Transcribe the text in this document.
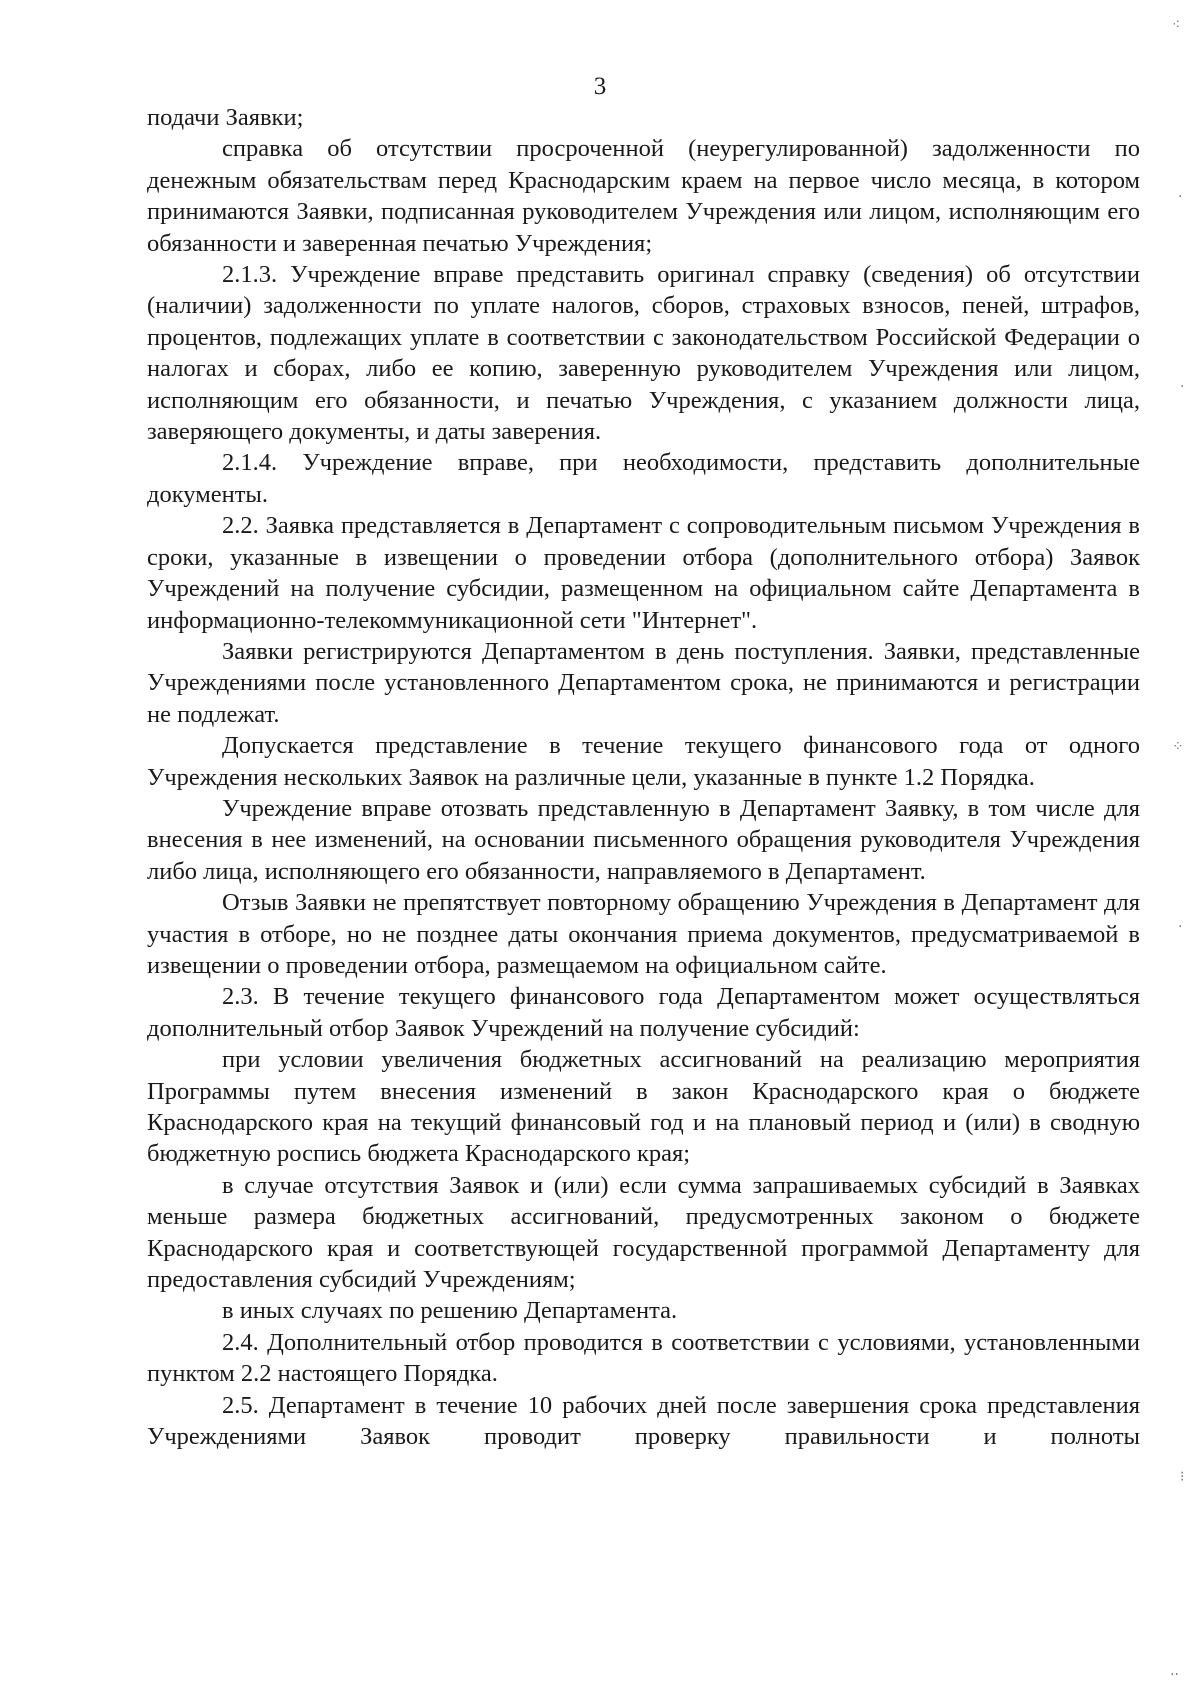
3

подачи Заявки;

справка об отсутствии просроченной (неурегулированной) задолженности по денежным обязательствам перед Краснодарским краем на первое число месяца, в котором принимаются Заявки, подписанная руководителем Учреждения или лицом, исполняющим его обязанности и заверенная печатью Учреждения;

2.1.3. Учреждение вправе представить оригинал справку (сведения) об отсутствии (наличии) задолженности по уплате налогов, сборов, страховых взносов, пеней, штрафов, процентов, подлежащих уплате в соответствии с законодательством Российской Федерации о налогах и сборах, либо ее копию, заверенную руководителем Учреждения или лицом, исполняющим его обязанности, и печатью Учреждения, с указанием должности лица, заверяющего документы, и даты заверения.

2.1.4. Учреждение вправе, при необходимости, представить дополнительные документы.

2.2. Заявка представляется в Департамент с сопроводительным письмом Учреждения в сроки, указанные в извещении о проведении отбора (дополнительного отбора) Заявок Учреждений на получение субсидии, размещенном на официальном сайте Департамента в информационно-телекоммуникационной сети "Интернет".

Заявки регистрируются Департаментом в день поступления. Заявки, представленные Учреждениями после установленного Департаментом срока, не принимаются и регистрации не подлежат.

Допускается представление в течение текущего финансового года от одного Учреждения нескольких Заявок на различные цели, указанные в пункте 1.2 Порядка.

Учреждение вправе отозвать представленную в Департамент Заявку, в том числе для внесения в нее изменений, на основании письменного обращения руководителя Учреждения либо лица, исполняющего его обязанности, направляемого в Департамент.

Отзыв Заявки не препятствует повторному обращению Учреждения в Департамент для участия в отборе, но не позднее даты окончания приема документов, предусматриваемой в извещении о проведении отбора, размещаемом на официальном сайте.

2.3. В течение текущего финансового года Департаментом может осуществляться дополнительный отбор Заявок Учреждений на получение субсидий:

при условии увеличения бюджетных ассигнований на реализацию мероприятия Программы путем внесения изменений в закон Краснодарского края о бюджете Краснодарского края на текущий финансовый год и на плановый период и (или) в сводную бюджетную роспись бюджета Краснодарского края;

в случае отсутствия Заявок и (или) если сумма запрашиваемых субсидий в Заявках меньше размера бюджетных ассигнований, предусмотренных законом о бюджете Краснодарского края и соответствующей государственной программой Департаменту для предоставления субсидий Учреждениям;

в иных случаях по решению Департамента.

2.4. Дополнительный отбор проводится в соответствии с условиями, установленными пунктом 2.2 настоящего Порядка.

2.5. Департамент в течение 10 рабочих дней после завершения срока представления Учреждениями Заявок проводит проверку правильности и полноты

⁖
·
·
⁘
·
⁝
··
